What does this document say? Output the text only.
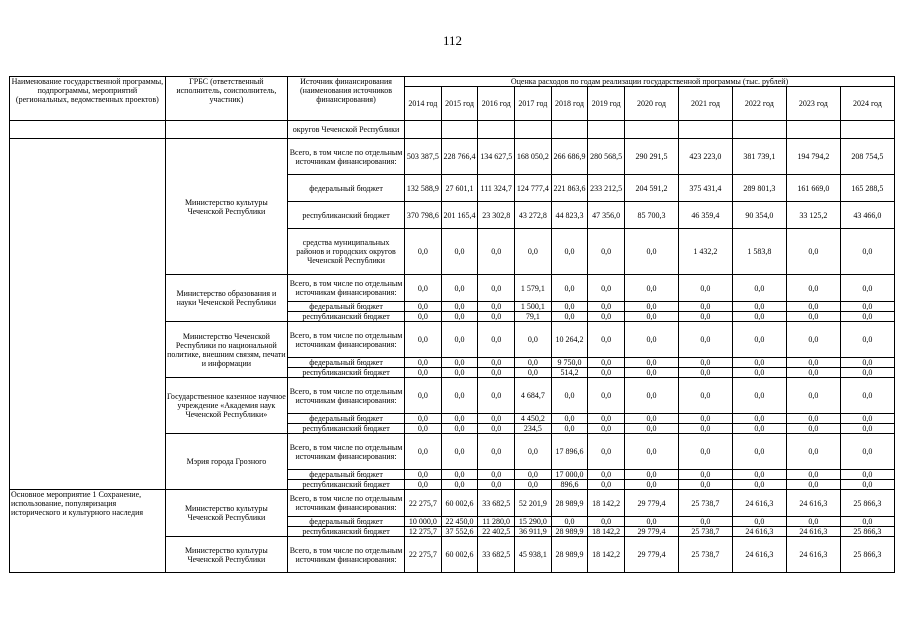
112
Наименование государственной программы, подпрограммы, мероприятий (региональных, ведомственных проектов)	ГРБС (ответственный исполнитель, соисполнитель, участник)	Источник финансирования (наименования источников финансирования)	Оценка расходов по годам реализации государственной программы (тыс. рублей)										
			2014 год	2015 год	2016 год	2017 год	2018 год	2019 год	2020 год	2021 год	2022 год	2023 год	2024 год
		округов Чеченской Республики											
	Министерство культуры Чеченской Республики	Всего, в том числе по отдельным источникам финансирования:	503 387,5	228 766,4	134 627,5	168 050,2	266 686,9	280 568,5	290 291,5	423 223,0	381 739,1	194 794,2	208 754,5
		федеральный бюджет	132 588,9	27 601,1	111 324,7	124 777,4	221 863,6	233 212,5	204 591,2	375 431,4	289 801,3	161 669,0	165 288,5
		республиканский бюджет	370 798,6	201 165,4	23 302,8	43 272,8	44 823,3	47 356,0	85 700,3	46 359,4	90 354,0	33 125,2	43 466,0
		средства муниципальных районов и городских округов Чеченской Республики	0,0	0,0	0,0	0,0	0,0	0,0	0,0	1 432,2	1 583,8	0,0	0,0
	Министерство образования и науки Чеченской Республики	Всего, в том числе по отдельным источникам финансирования:	0,0	0,0	0,0	1 579,1	0,0	0,0	0,0	0,0	0,0	0,0	0,0
		федеральный бюджет	0,0	0,0	0,0	1 500,1	0,0	0,0	0,0	0,0	0,0	0,0	0,0
		республиканский бюджет	0,0	0,0	0,0	79,1	0,0	0,0	0,0	0,0	0,0	0,0	0,0
	Министерство Чеченской Республики по национальной политике, внешним связям, печати и информации	Всего, в том числе по отдельным источникам финансирования:	0,0	0,0	0,0	0,0	10 264,2	0,0	0,0	0,0	0,0	0,0	0,0
		федеральный бюджет	0,0	0,0	0,0	0,0	9 750,0	0,0	0,0	0,0	0,0	0,0	0,0
		республиканский бюджет	0,0	0,0	0,0	0,0	514,2	0,0	0,0	0,0	0,0	0,0	0,0
	Государственное казенное научное учреждение «Академия наук Чеченской Республики»	Всего, в том числе по отдельным источникам финансирования:	0,0	0,0	0,0	4 684,7	0,0	0,0	0,0	0,0	0,0	0,0	0,0
		федеральный бюджет	0,0	0,0	0,0	4 450,2	0,0	0,0	0,0	0,0	0,0	0,0	0,0
		республиканский бюджет	0,0	0,0	0,0	234,5	0,0	0,0	0,0	0,0	0,0	0,0	0,0
	Мэрия города Грозного	Всего, в том числе по отдельным источникам финансирования:	0,0	0,0	0,0	0,0	17 896,6	0,0	0,0	0,0	0,0	0,0	0,0
		федеральный бюджет	0,0	0,0	0,0	0,0	17 000,0	0,0	0,0	0,0	0,0	0,0	0,0
		республиканский бюджет	0,0	0,0	0,0	0,0	896,6	0,0	0,0	0,0	0,0	0,0	0,0
Основное мероприятие 1 Сохранение, использование, популяризация исторического и культурного наследия	Министерство культуры Чеченской Республики	Всего, в том числе по отдельным источникам финансирования:	22 275,7	60 002,6	33 682,5	52 201,9	28 989,9	18 142,2	29 779,4	25 738,7	24 616,3	24 616,3	25 866,3
		федеральный бюджет	10 000,0	22 450,0	11 280,0	15 290,0	0,0	0,0	0,0	0,0	0,0	0,0	0,0
		республиканский бюджет	12 275,7	37 552,6	22 402,5	36 911,9	28 989,9	18 142,2	29 779,4	25 738,7	24 616,3	24 616,3	25 866,3
	Министерство культуры Чеченской Республики	Всего, в том числе по отдельным источникам финансирования:	22 275,7	60 002,6	33 682,5	45 938,1	28 989,9	18 142,2	29 779,4	25 738,7	24 616,3	24 616,3	25 866,3
